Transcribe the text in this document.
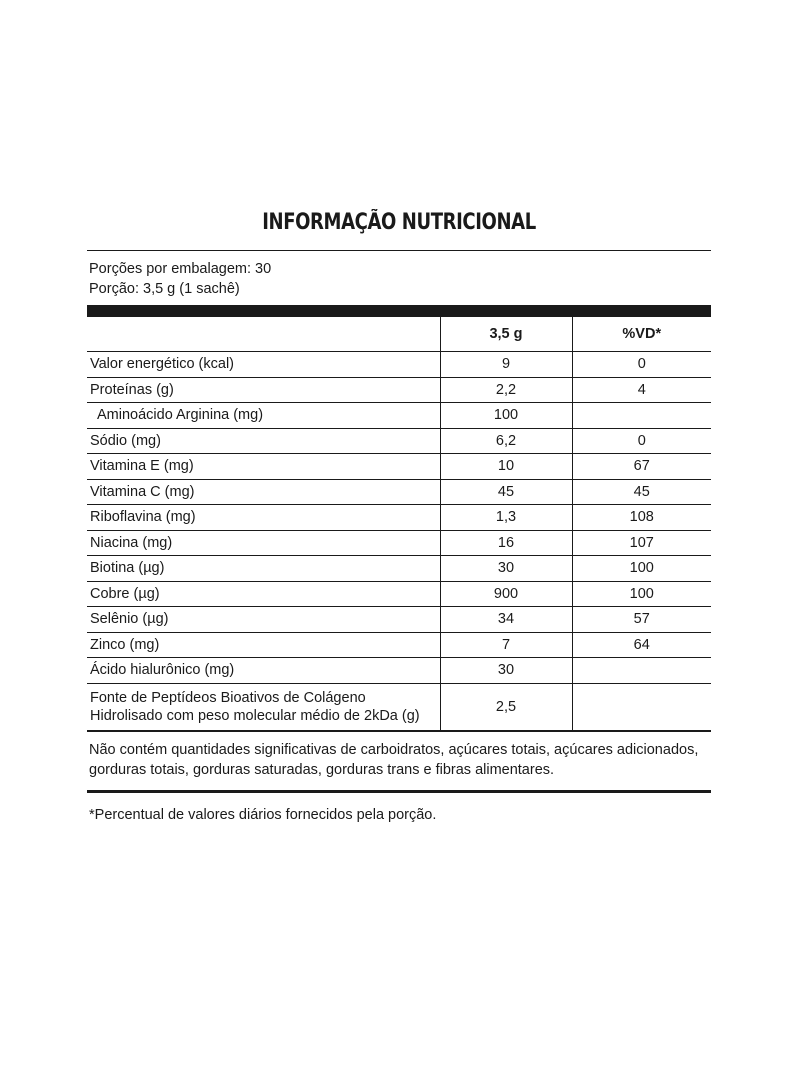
INFORMAÇÃO NUTRICIONAL
Porções por embalagem: 30
Porção: 3,5 g (1 sachê)
	3,5 g	%VD*
Valor energético (kcal)	9	0
Proteínas (g)	2,2	4
Aminoácido Arginina (mg)	100	
Sódio (mg)	6,2	0
Vitamina E (mg)	10	67
Vitamina C (mg)	45	45
Riboflavina (mg)	1,3	108
Niacina (mg)	16	107
Biotina (µg)	30	100
Cobre (µg)	900	100
Selênio (µg)	34	57
Zinco (mg)	7	64
Ácido hialurônico (mg)	30	
Fonte de Peptídeos Bioativos de Colágeno Hidrolisado com peso molecular médio de 2kDa (g)	2,5	
Não contém quantidades significativas de carboidratos, açúcares totais, açúcares adicionados, gorduras totais, gorduras saturadas, gorduras trans e fibras alimentares.
*Percentual de valores diários fornecidos pela porção.
